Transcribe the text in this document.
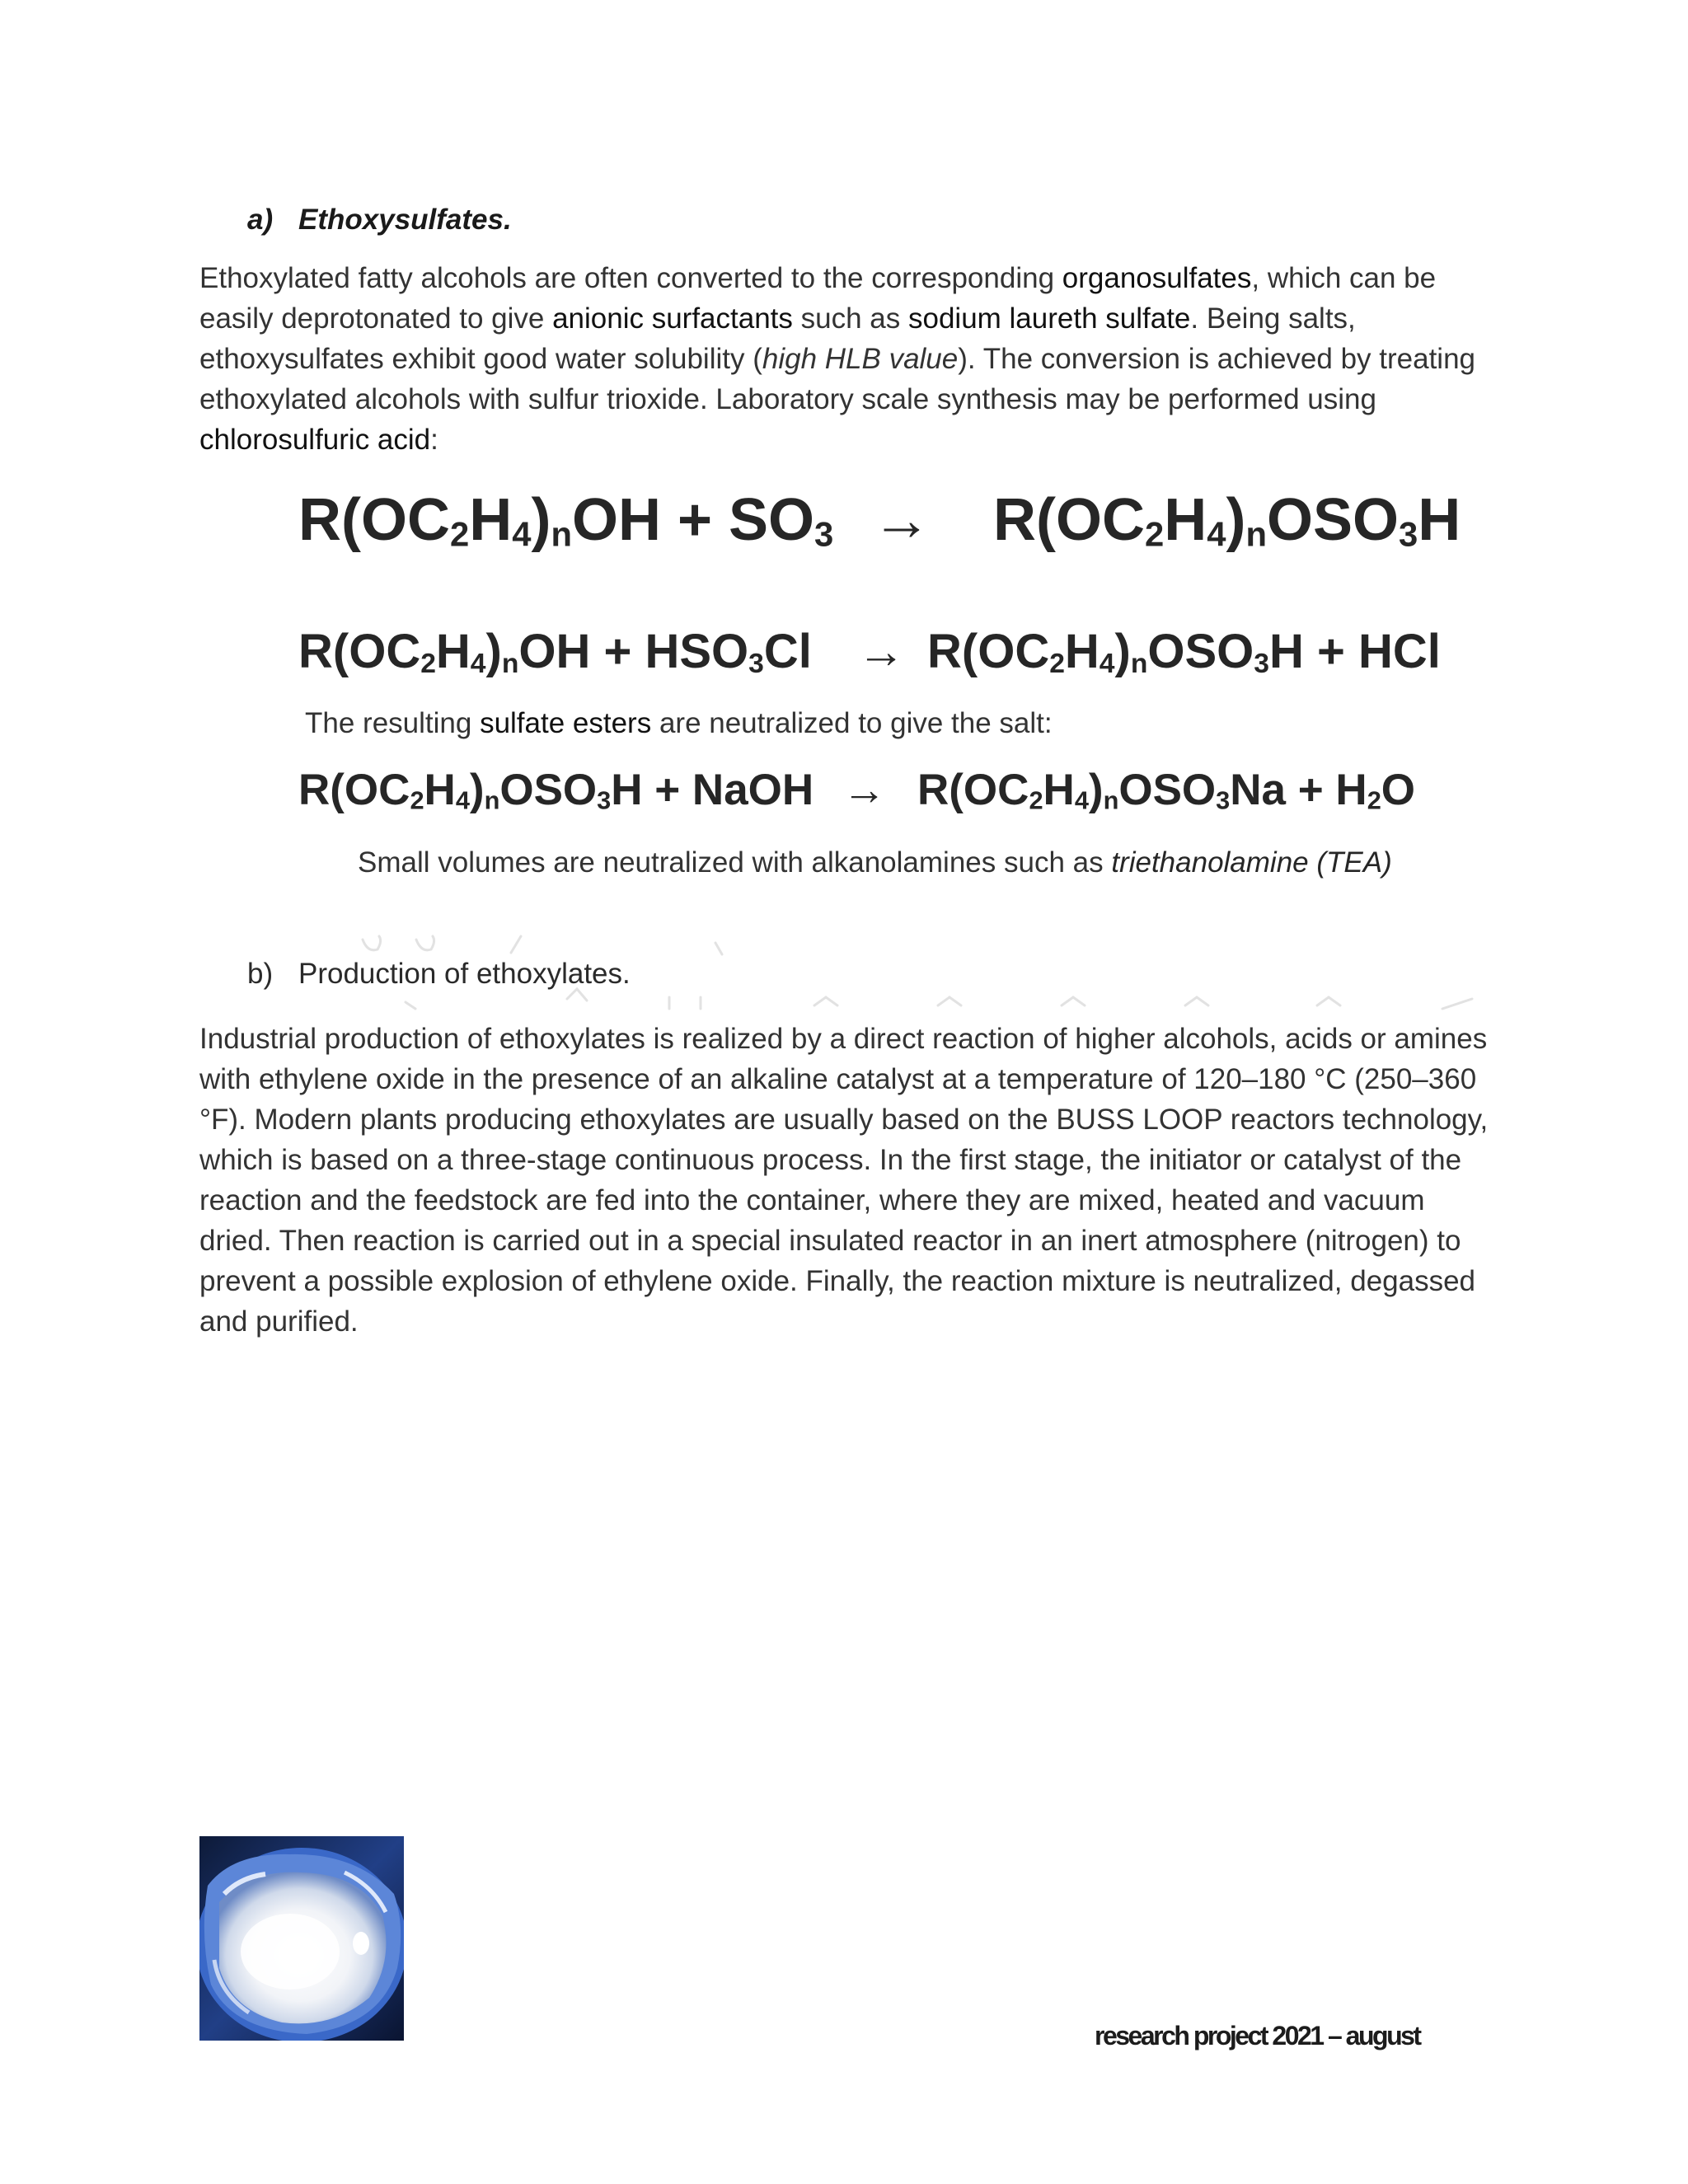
a) Ethoxysulfates.

Ethoxylated fatty alcohols are often converted to the corresponding organosulfates, which can be easily deprotonated to give anionic surfactants such as sodium laureth sulfate. Being salts, ethoxysulfates exhibit good water solubility (high HLB value). The conversion is achieved by treating ethoxylated alcohols with sulfur trioxide. Laboratory scale synthesis may be performed using chlorosulfuric acid:

$R(OC_2H_4)_nOH + SO_3 \to R(OC_2H_4)_nOSO_3H$
$R(OC_2H_4)_nOH + HSO_3Cl \to R(OC_2H_4)_nOSO_3H$ + HCl

The resulting sulfate esters are neutralized to give the salt:

$R(OC_2H_4)_nOSO_3H$ + NaOH → $R(OC_2H_4)_nOSO_3Na + H_2O$

Small volumes are neutralized with alkanolamines such as triethanolamine (TEA)

b) Production of ethoxylates.

Industrial production of ethoxylates is realized by a direct reaction of higher alcohols, acids or amines with ethylene oxide in the presence of an alkaline catalyst at a temperature of 120–180 °C (250–360 °F). Modern plants producing ethoxylates are usually based on the BUSS LOOP reactors technology, which is based on a three-stage continuous process. In the first stage, the initiator or catalyst of the reaction and the feedstock are fed into the container, where they are mixed, heated and vacuum dried. Then reaction is carried out in a special insulated reactor in an inert atmosphere (nitrogen) to prevent a possible explosion of ethylene oxide. Finally, the reaction mixture is neutralized, degassed and purified.

research project 2021 – august
